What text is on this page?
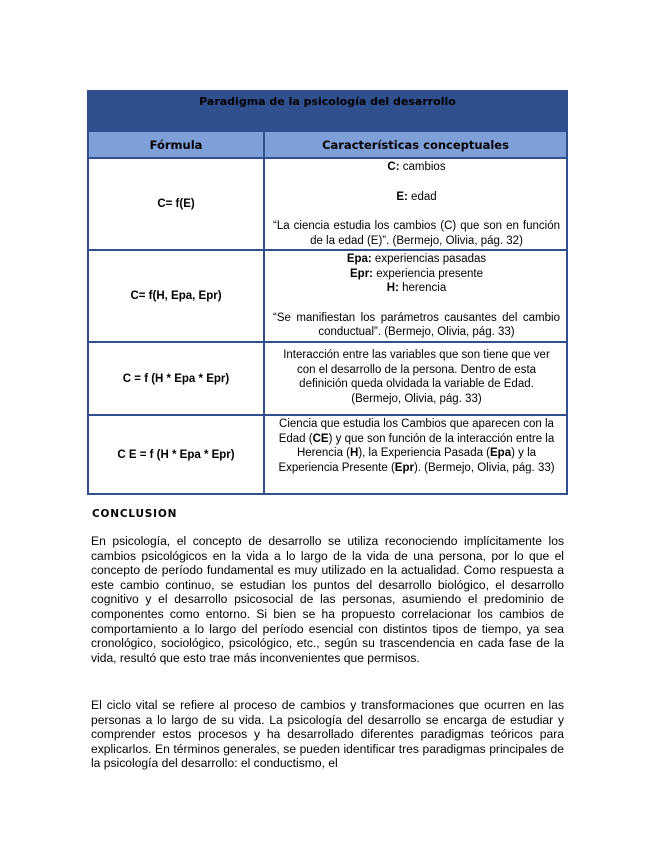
Paradigma de la psicología del desarrollo
Fórmula	Características conceptuales
C= f(E)
C: cambios
E: edad
“La ciencia estudia los cambios (C) que son en función de la edad (E)”. (Bermejo, Olivia, pág. 32)
C= f(H, Epa, Epr)
Epa: experiencias pasadas
Epr: experiencia presente
H: herencia
“Se manifiestan los parámetros causantes del cambio conductual”. (Bermejo, Olivia, pág. 33)
C = f (H * Epa * Epr)
Interacción entre las variables que son tiene que ver con el desarrollo de la persona. Dentro de esta definición queda olvidada la variable de Edad. (Bermejo, Olivia, pág. 33)
C E = f (H * Epa * Epr)
Ciencia que estudia los Cambios que aparecen con la Edad (CE) y que son función de la interacción entre la Herencia (H), la Experiencia Pasada (Epa) y la Experiencia Presente (Epr). (Bermejo, Olivia, pág. 33)
CONCLUSION
En psicología, el concepto de desarrollo se utiliza reconociendo implícitamente los cambios psicológicos en la vida a lo largo de la vida de una persona, por lo que el concepto de período fundamental es muy utilizado en la actualidad. Como respuesta a este cambio continuo, se estudian los puntos del desarrollo biológico, el desarrollo cognitivo y el desarrollo psicosocial de las personas, asumiendo el predominio de componentes como entorno. Si bien se ha propuesto correlacionar los cambios de comportamiento a lo largo del período esencial con distintos tipos de tiempo, ya sea cronológico, sociológico, psicológico, etc., según su trascendencia en cada fase de la vida, resultó que esto trae más inconvenientes que permisos.
El ciclo vital se refiere al proceso de cambios y transformaciones que ocurren en las personas a lo largo de su vida. La psicología del desarrollo se encarga de estudiar y comprender estos procesos y ha desarrollado diferentes paradigmas teóricos para explicarlos. En términos generales, se pueden identificar tres paradigmas principales de la psicología del desarrollo: el conductismo, el
